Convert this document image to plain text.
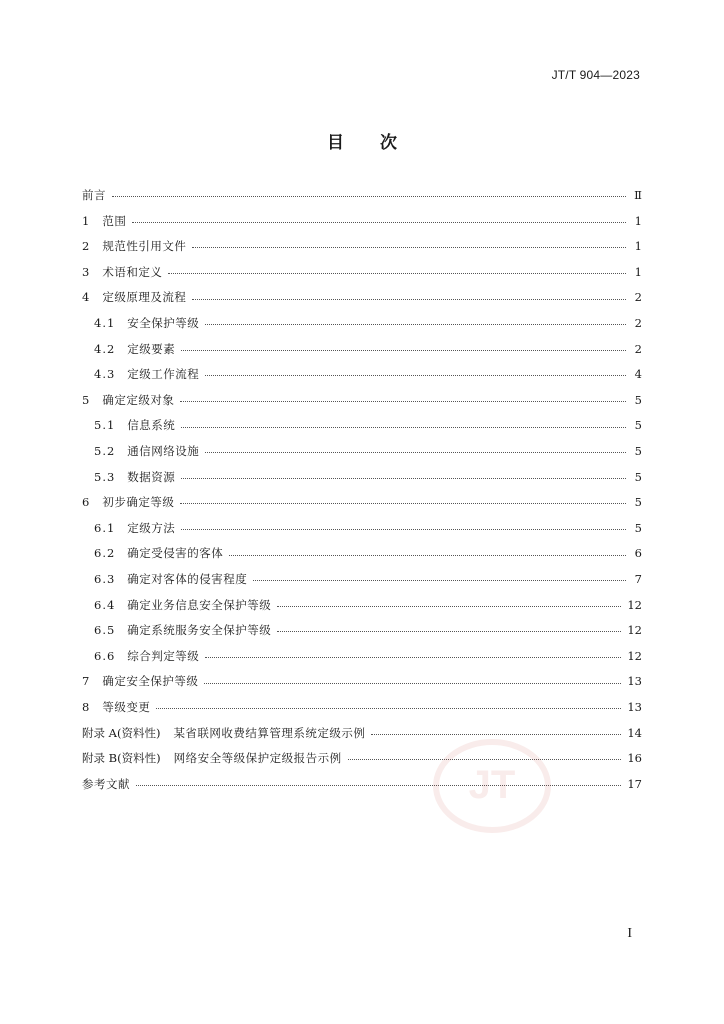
JT/T 904—2023
目 次
前言	Ⅱ
1 范围	1
2 规范性引用文件	1
3 术语和定义	1
4 定级原理及流程	2
4.1 安全保护等级	2
4.2 定级要素	2
4.3 定级工作流程	4
5 确定定级对象	5
5.1 信息系统	5
5.2 通信网络设施	5
5.3 数据资源	5
6 初步确定等级	5
6.1 定级方法	5
6.2 确定受侵害的客体	6
6.3 确定对客体的侵害程度	7
6.4 确定业务信息安全保护等级	12
6.5 确定系统服务安全保护等级	12
6.6 综合判定等级	12
7 确定安全保护等级	13
8 等级变更	13
附录 A(资料性) 某省联网收费结算管理系统定级示例	14
附录 B(资料性) 网络安全等级保护定级报告示例	16
参考文献	17
JT
I
